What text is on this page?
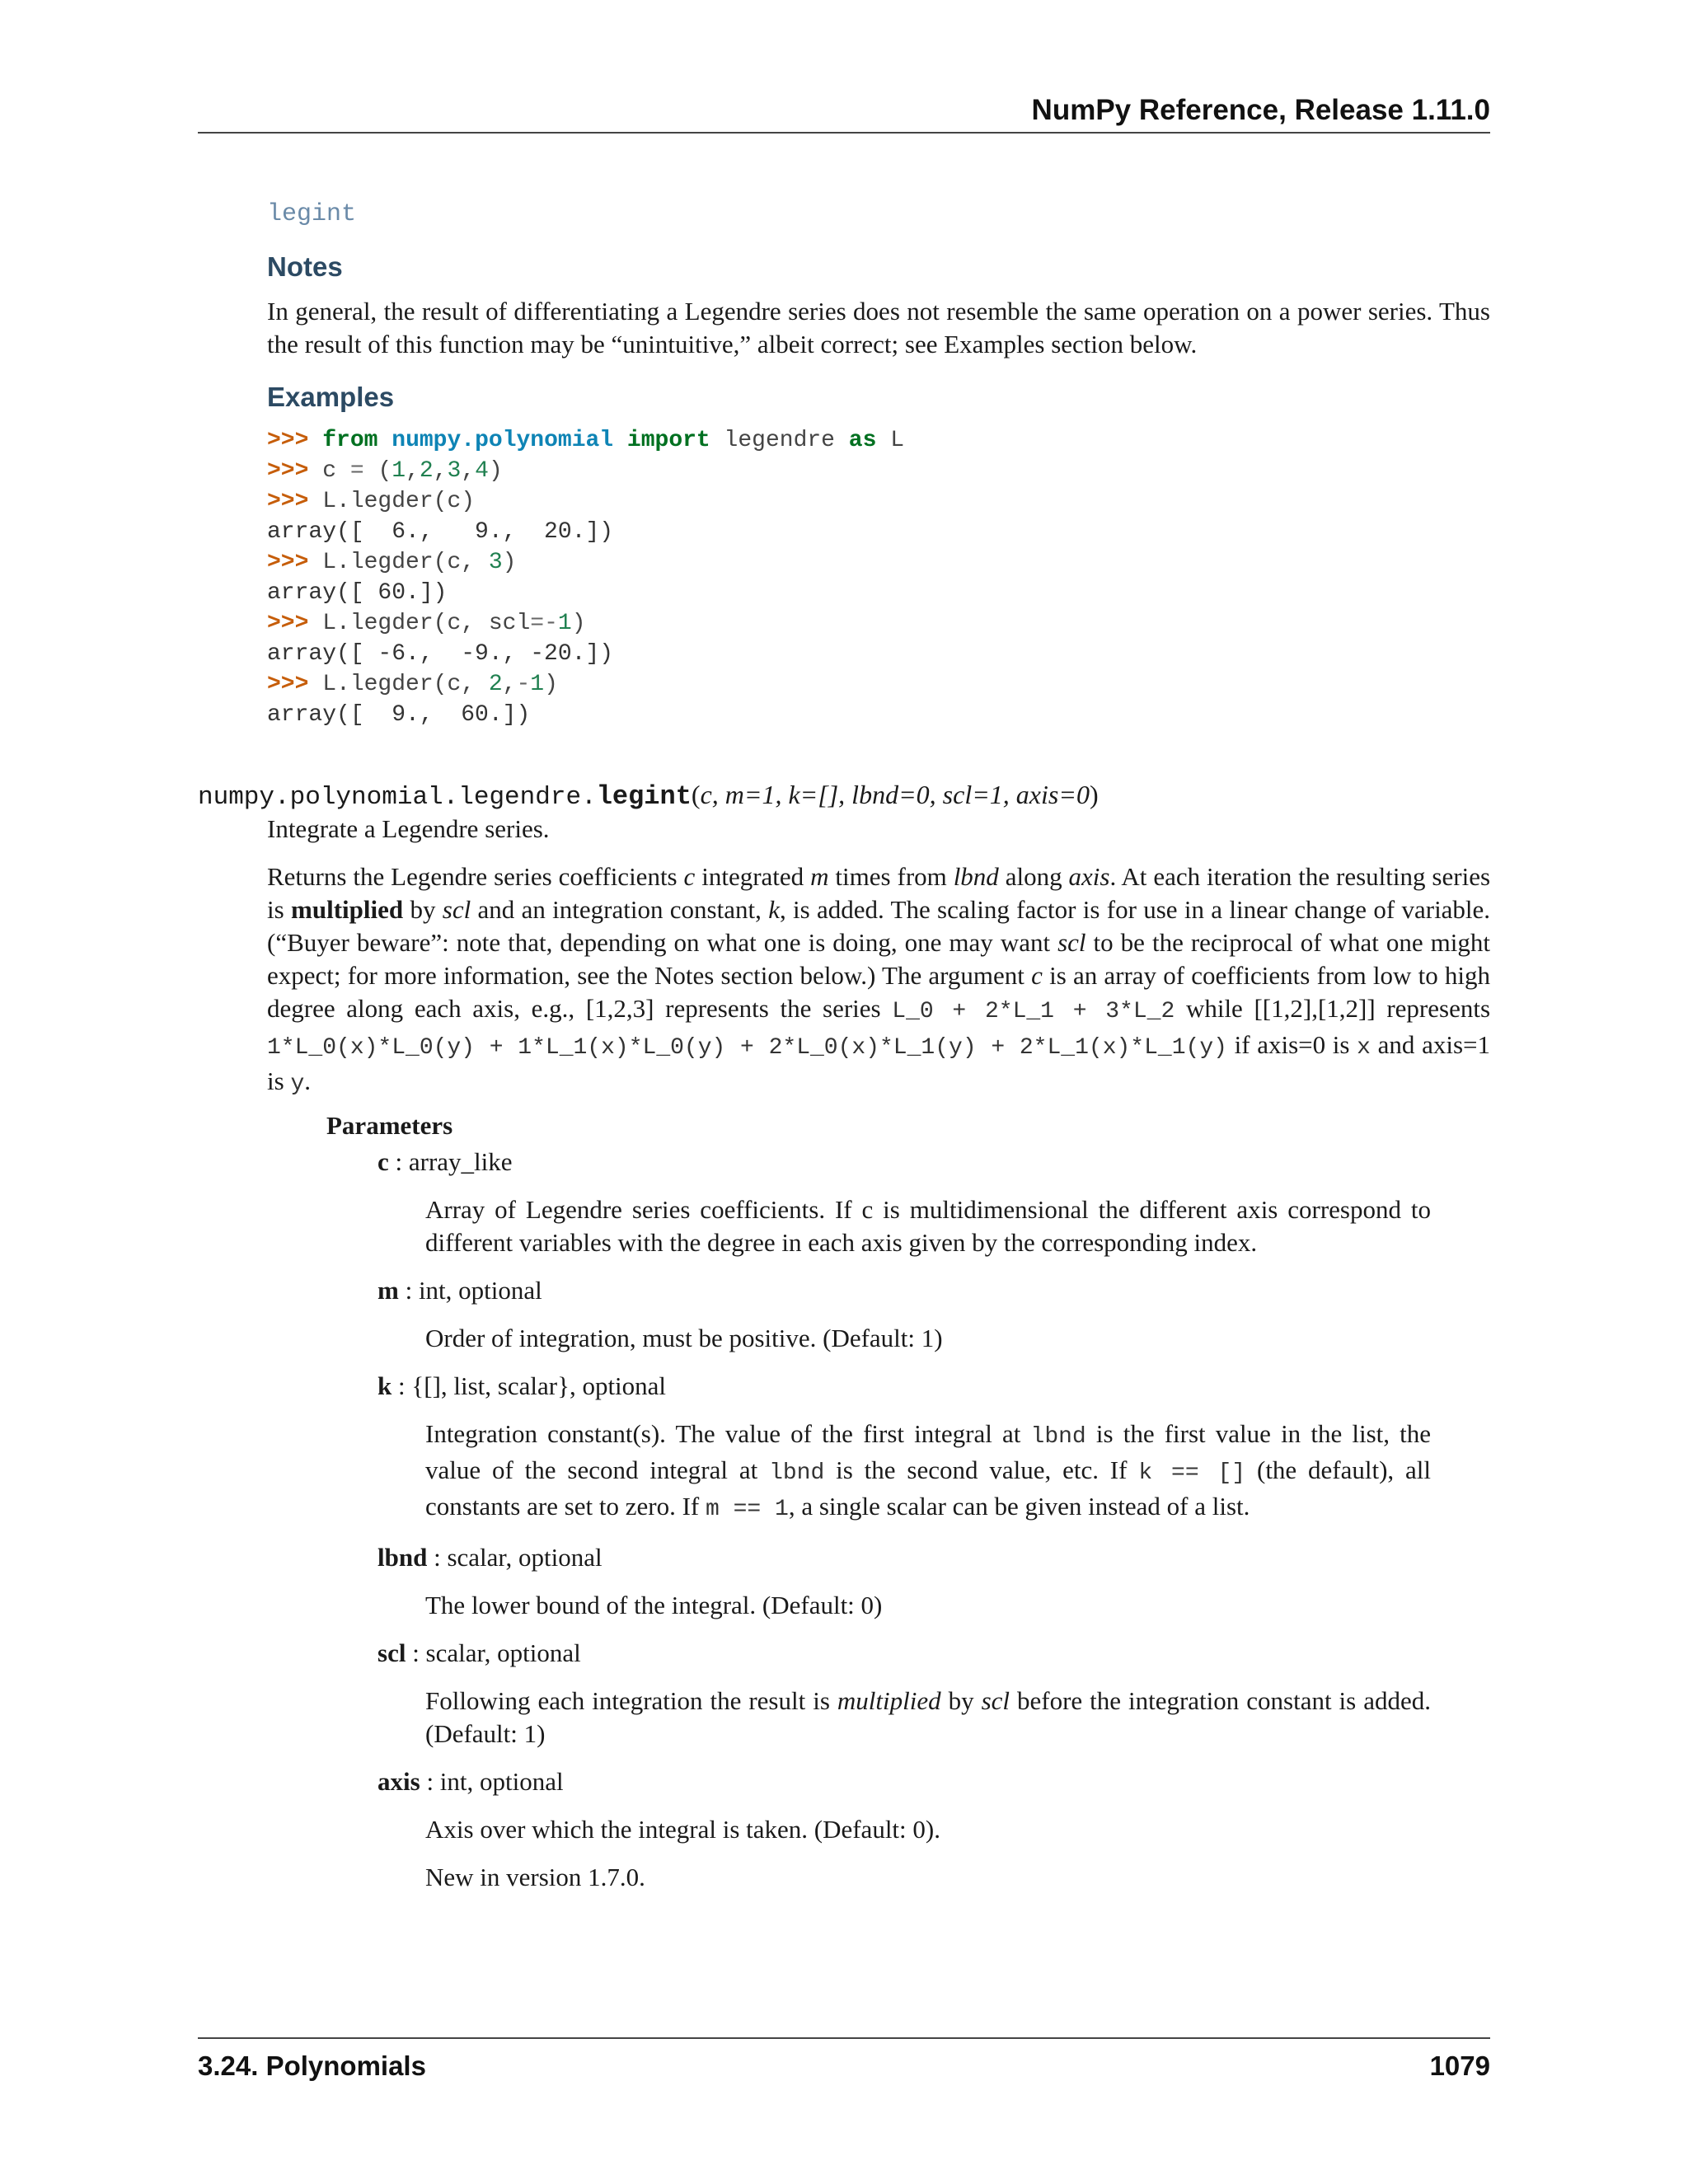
NumPy Reference, Release 1.11.0
legint
Notes

In general, the result of differentiating a Legendre series does not resemble the same operation on a power series. Thus the result of this function may be “unintuitive,” albeit correct; see Examples section below.

Examples
>>> from numpy.polynomial import legendre as L
>>> c = (1,2,3,4)
>>> L.legder(c)
array([  6.,   9.,  20.])
>>> L.legder(c, 3)
array([ 60.])
>>> L.legder(c, scl=-1)
array([ -6.,  -9., -20.])
>>> L.legder(c, 2,-1)
array([  9.,  60.])
numpy.polynomial.legendre.legint(c, m=1, k=[], lbnd=0, scl=1, axis=0)

Integrate a Legendre series.

Returns the Legendre series coefficients c integrated m times from lbnd along axis. At each iteration the resulting series is multiplied by scl and an integration constant, k, is added. The scaling factor is for use in a linear change of variable. (“Buyer beware”: note that, depending on what one is doing, one may want scl to be the reciprocal of what one might expect; for more information, see the Notes section below.) The argument c is an array of coefficients from low to high degree along each axis, e.g., [1,2,3] represents the series L_0 + 2*L_1 + 3*L_2 while [[1,2],[1,2]] represents 1*L_0(x)*L_0(y) + 1*L_1(x)*L_0(y) + 2*L_0(x)*L_1(y) + 2*L_1(x)*L_1(y) if axis=0 is x and axis=1 is y.

Parameters

c : array_like

Array of Legendre series coefficients. If c is multidimensional the different axis correspond to different variables with the degree in each axis given by the corresponding index.

m : int, optional

Order of integration, must be positive. (Default: 1)

k : {[], list, scalar}, optional

Integration constant(s). The value of the first integral at lbnd is the first value in the list, the value of the second integral at lbnd is the second value, etc. If k == [] (the default), all constants are set to zero. If m == 1, a single scalar can be given instead of a list.

lbnd : scalar, optional

The lower bound of the integral. (Default: 0)

scl : scalar, optional

Following each integration the result is multiplied by scl before the integration constant is added. (Default: 1)

axis : int, optional

Axis over which the integral is taken. (Default: 0).

New in version 1.7.0.

3.24. Polynomials	1079
